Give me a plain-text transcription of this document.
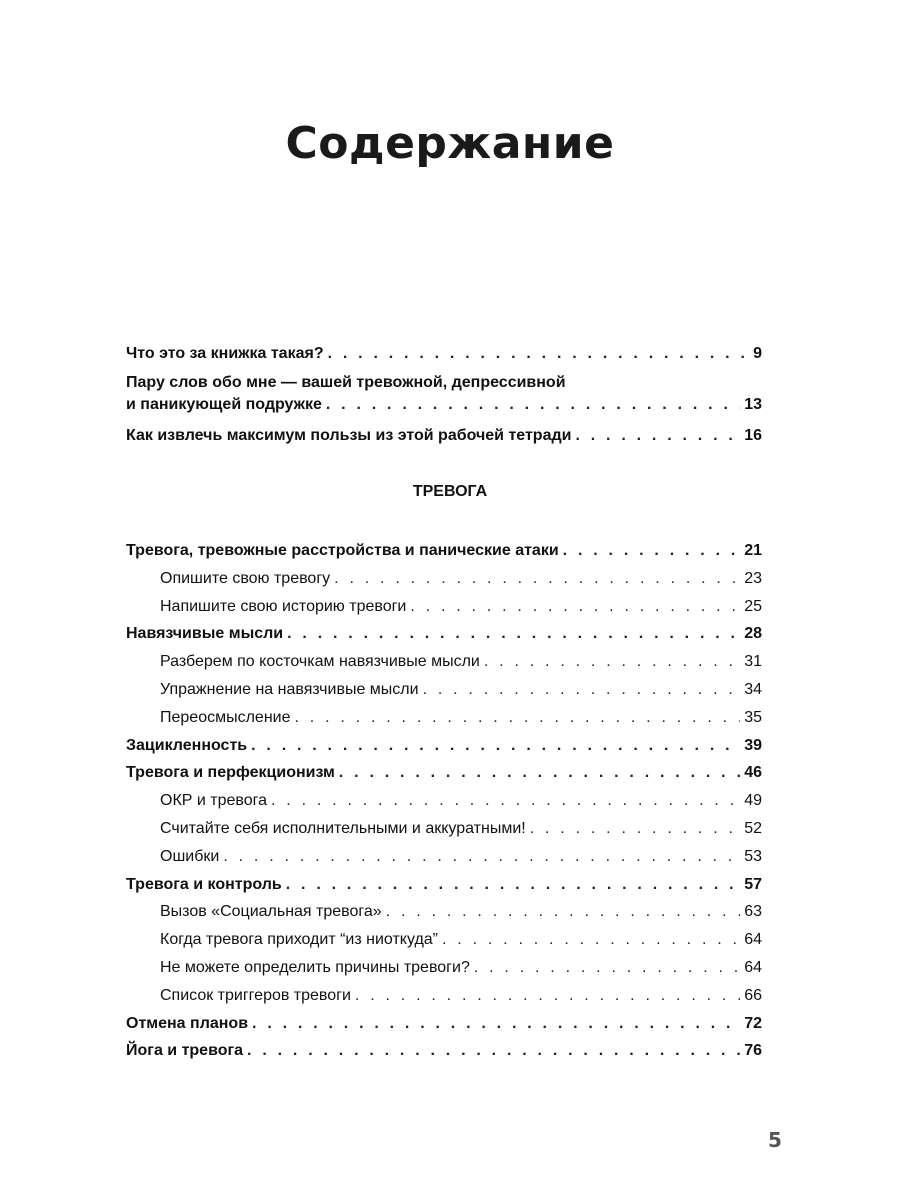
Содержание
Что это за книжка такая? . . .	9
Пару слов обо мне — вашей тревожной, депрессивной
и паникующей подружке . . .	13
Как извлечь максимум пользы из этой рабочей тетради . . .	16
ТРЕВОГА
Тревога, тревожные расстройства и панические атаки . . .	21
Опишите свою тревогу . . .	23
Напишите свою историю тревоги . . .	25
Навязчивые мысли . . .	28
Разберем по косточкам навязчивые мысли . . .	31
Упражнение на навязчивые мысли . . .	34
Переосмысление . . .	35
Зацикленность . . .	39
Тревога и перфекционизм . . .	46
ОКР и тревога . . .	49
Считайте себя исполнительными и аккуратными! . . .	52
Ошибки . . .	53
Тревога и контроль . . .	57
Вызов «Социальная тревога» . . .	63
Когда тревога приходит “из ниоткуда” . . .	64
Не можете определить причины тревоги? . . .	64
Список триггеров тревоги . . .	66
Отмена планов . . .	72
Йога и тревога . . .	76
5
